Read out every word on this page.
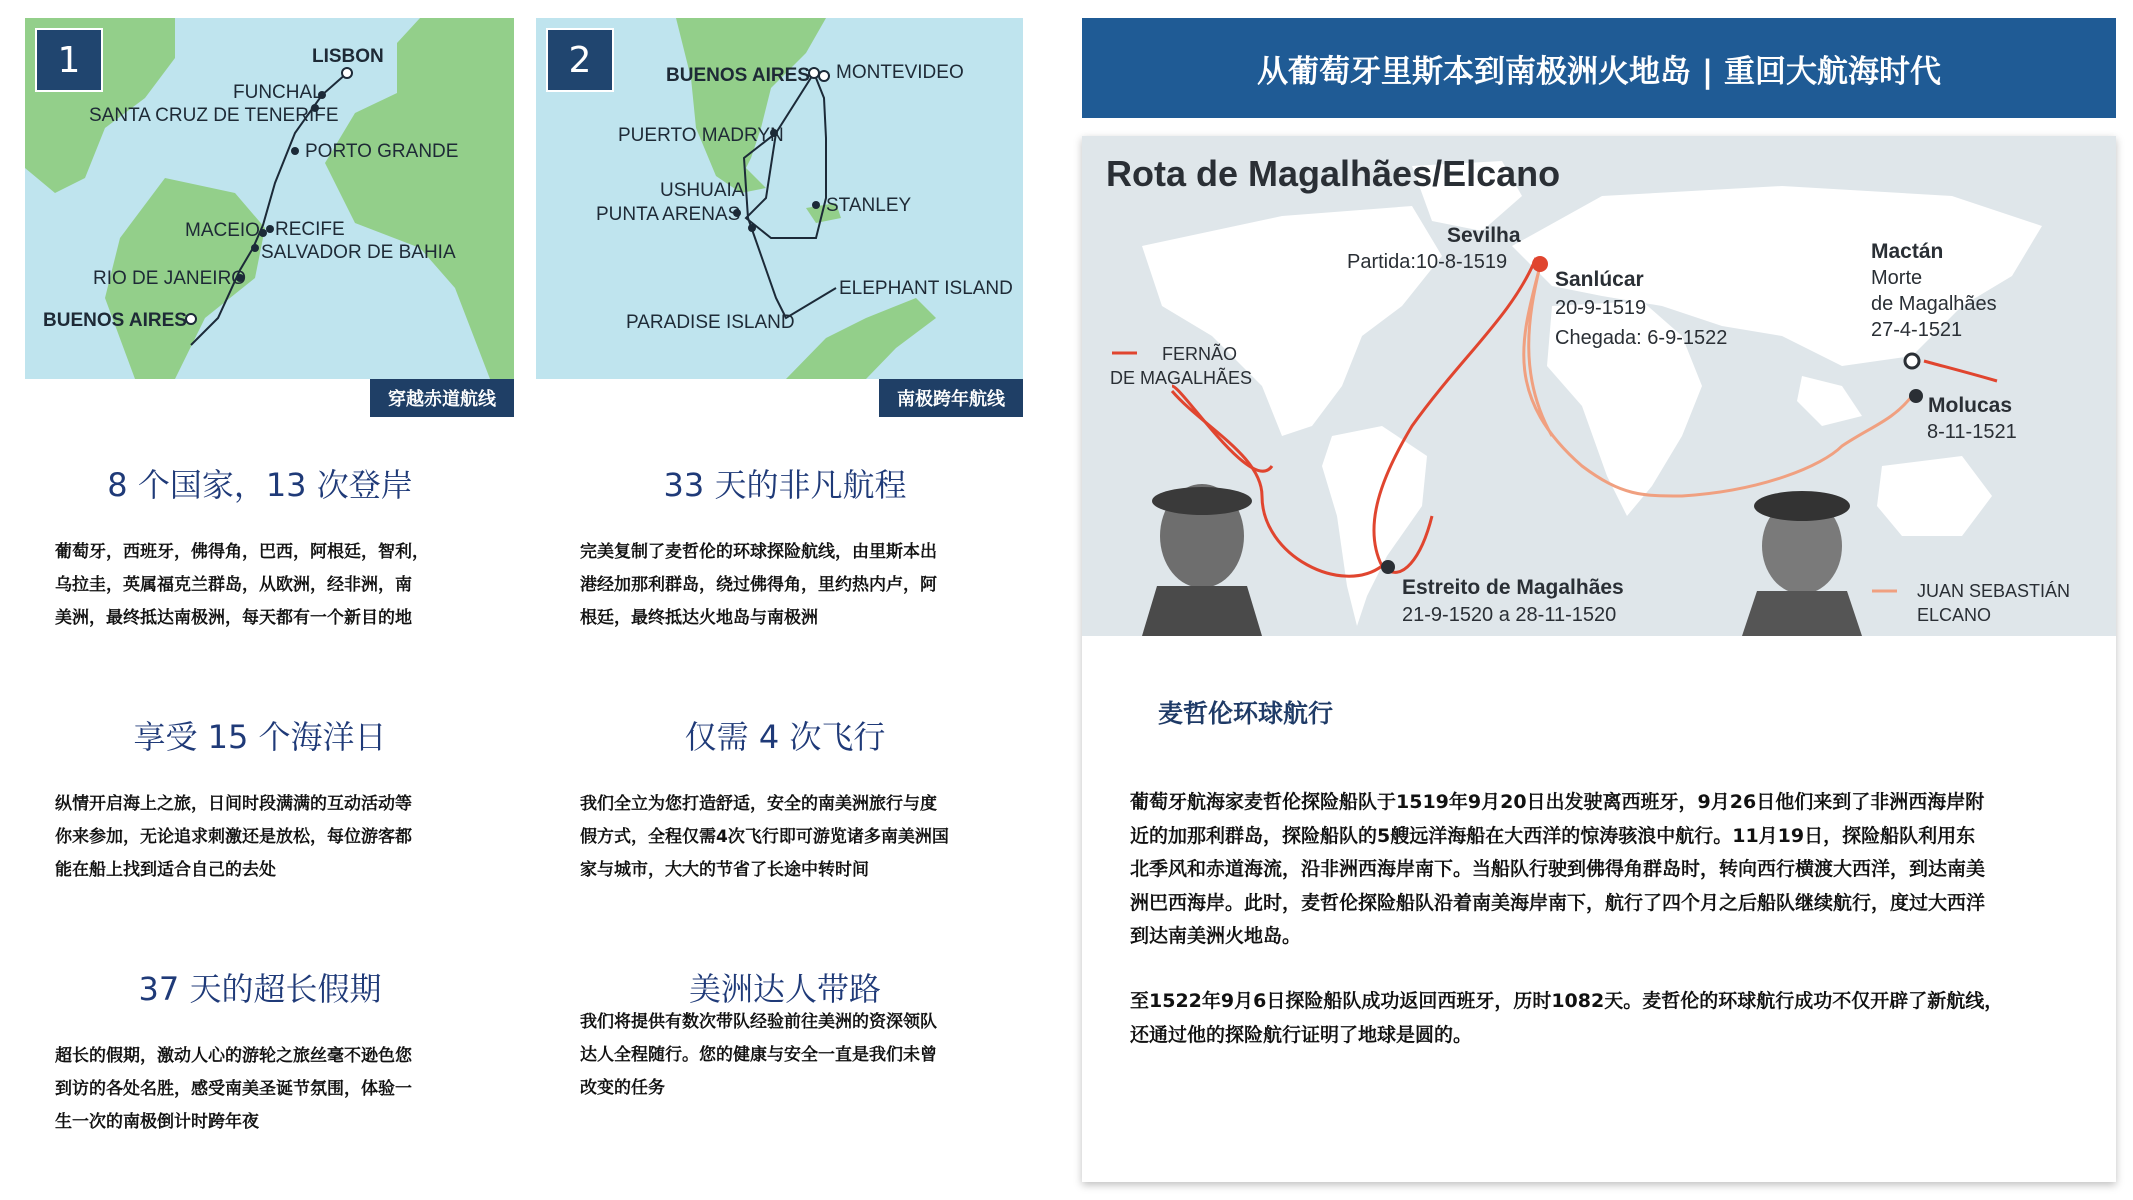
LISBON
FUNCHAL
SANTA CRUZ DE TENERIFE
PORTO GRANDE
MACEIO RECIFE
SALVADOR DE BAHIA
RIO DE JANEIRO
BUENOS AIRES
1
穿越赤道航线
BUENOS AIRES MONTEVIDEO
PUERTO MADRYN
USHUAIA
PUNTA ARENAS	STANLEY
ELEPHANT ISLAND
PARADISE ISLAND
2
南极跨年航线
8 个国家，13 次登岸
葡萄牙，西班牙，佛得角，巴西，阿根廷，智利，
乌拉圭，英属福克兰群岛，从欧洲，经非洲，南
美洲，最终抵达南极洲，每天都有一个新目的地
33 天的非凡航程
完美复制了麦哲伦的环球探险航线，由里斯本出
港经加那利群岛，绕过佛得角，里约热内卢，阿
根廷，最终抵达火地岛与南极洲
享受 15 个海洋日
纵情开启海上之旅，日间时段满满的互动活动等
你来参加，无论追求刺激还是放松，每位游客都
能在船上找到适合自己的去处
仅需 4 次飞行
我们全立为您打造舒适，安全的南美洲旅行与度
假方式，全程仅需4次飞行即可游览诸多南美洲国
家与城市，大大的节省了长途中转时间
37 天的超长假期
超长的假期，激动人心的游轮之旅丝毫不逊色您
到访的各处名胜，感受南美圣诞节氛围，体验一
生一次的南极倒计时跨年夜
美洲达人带路
我们将提供有数次带队经验前往美洲的资深领队
达人全程随行。您的健康与安全一直是我们未曾
改变的任务
从葡萄牙里斯本到南极洲火地岛 | 重回大航海时代
Rota de Magalhães/Elcano
Sevilha
Partida:10-8-1519
Sanlúcar
20-9-1519
Chegada: 6-9-1522
Mactán
Morte
de Magalhães
27-4-1521
Molucas
8-11-1521
FERNÃO
DE MAGALHÃES
JUAN SEBASTIÁN
ELCANO
Estreito de Magalhães
21-9-1520 a 28-11-1520
麦哲伦环球航行
葡萄牙航海家麦哲伦探险船队于1519年9月20日出发驶离西班牙，9月26日他们来到了非洲西海岸附
近的加那利群岛，探险船队的5艘远洋海船在大西洋的惊涛骇浪中航行。11月19日，探险船队利用东
北季风和赤道海流，沿非洲西海岸南下。当船队行驶到佛得角群岛时，转向西行横渡大西洋，到达南美
洲巴西海岸。此时，麦哲伦探险船队沿着南美海岸南下，航行了四个月之后船队继续航行，度过大西洋
到达南美洲火地岛。
至1522年9月6日探险船队成功返回西班牙，历时1082天。麦哲伦的环球航行成功不仅开辟了新航线，
还通过他的探险航行证明了地球是圆的。
